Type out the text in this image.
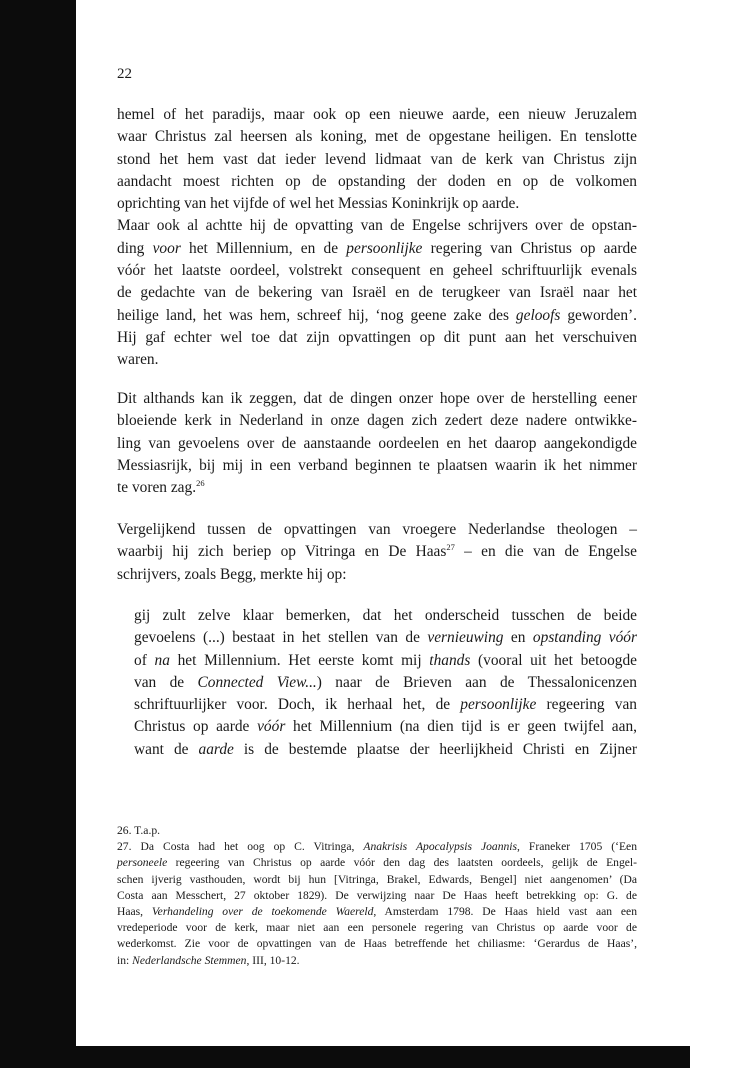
22
hemel of het paradijs, maar ook op een nieuwe aarde, een nieuw Jeruzalem
waar Christus zal heersen als koning, met de opgestane heiligen. En tenslotte
stond het hem vast dat ieder levend lidmaat van de kerk van Christus zijn
aandacht moest richten op de opstanding der doden en op de volkomen
oprichting van het vijfde of wel het Messias Koninkrijk op aarde.
Maar ook al achtte hij de opvatting van de Engelse schrijvers over de opstan-
ding voor het Millennium, en de persoonlijke regering van Christus op aarde
vóór het laatste oordeel, volstrekt consequent en geheel schriftuurlijk evenals
de gedachte van de bekering van Israël en de terugkeer van Israël naar het
heilige land, het was hem, schreef hij, ‘nog geene zake des geloofs geworden’.
Hij gaf echter wel toe dat zijn opvattingen op dit punt aan het verschuiven
waren.
Dit althands kan ik zeggen, dat de dingen onzer hope over de herstelling eener
bloeiende kerk in Nederland in onze dagen zich zedert deze nadere ontwikke-
ling van gevoelens over de aanstaande oordeelen en het daarop aangekondigde
Messiasrijk, bij mij in een verband beginnen te plaatsen waarin ik het nimmer
te voren zag.$^{26}$
Vergelijkend tussen de opvattingen van vroegere Nederlandse theologen –
waarbij hij zich beriep op Vitringa en De Haas$^{27}$ – en die van de Engelse
schrijvers, zoals Begg, merkte hij op:
gij zult zelve klaar bemerken, dat het onderscheid tusschen de beide
gevoelens (...) bestaat in het stellen van de vernieuwing en opstanding vóór
of na het Millennium. Het eerste komt mij thands (vooral uit het betoogde
van de Connected View...) naar de Brieven aan de Thessalonicenzen
schriftuurlijker voor. Doch, ik herhaal het, de persoonlijke regeering van
Christus op aarde vóór het Millennium (na dien tijd is er geen twijfel aan,
want de aarde is de bestemde plaatse der heerlijkheid Christi en Zijner
26. T.a.p.
27. Da Costa had het oog op C. Vitringa, Anakrisis Apocalypsis Joannis, Franeker 1705 (‘Een
personeele regeering van Christus op aarde vóór den dag des laatsten oordeels, gelijk de Engel-
schen ijverig vasthouden, wordt bij hun [Vitringa, Brakel, Edwards, Bengel] niet aangenomen’ (Da
Costa aan Messchert, 27 oktober 1829). De verwijzing naar De Haas heeft betrekking op: G. de
Haas, Verhandeling over de toekomende Waereld, Amsterdam 1798. De Haas hield vast aan een
vredeperiode voor de kerk, maar niet aan een personele regering van Christus op aarde voor de
wederkomst. Zie voor de opvattingen van de Haas betreffende het chiliasme: ‘Gerardus de Haas’,
in: Nederlandsche Stemmen, III, 10-12.
